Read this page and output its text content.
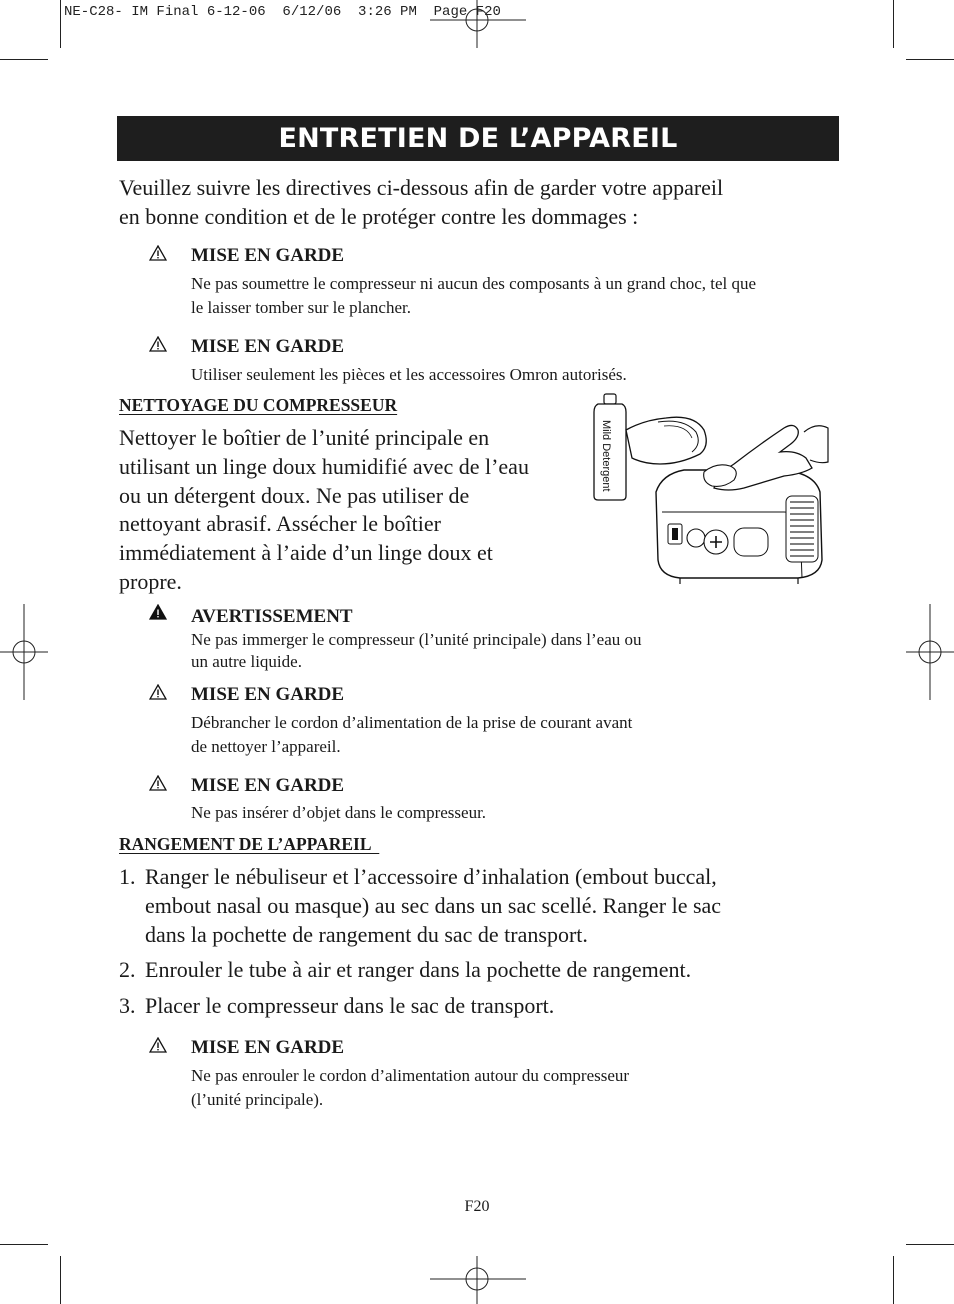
NE-C28- IM Final 6-12-06  6/12/06  3:26 PM  Page F20
ENTRETIEN DE L’APPAREIL
Veuillez suivre les directives ci-dessous afin de garder votre appareil
en bonne condition et de le protéger contre les dommages :
MISE EN GARDE
Ne pas soumettre le compresseur ni aucun des composants à un grand choc, tel que
le laisser tomber sur le plancher.
MISE EN GARDE
Utiliser seulement les pièces et les accessoires Omron autorisés.
NETTOYAGE DU COMPRESSEUR
Nettoyer le boîtier de l’unité principale en
utilisant un linge doux humidifié avec de l’eau
ou un détergent doux. Ne pas utiliser de
nettoyant abrasif. Assécher le boîtier
immédiatement à l’aide d’un linge doux et
propre.
Mild Detergent
AVERTISSEMENT
Ne pas immerger le compresseur (l’unité principale) dans l’eau ou
un autre liquide.
MISE EN GARDE
Débrancher le cordon d’alimentation de la prise de courant avant
de nettoyer l’appareil.
MISE EN GARDE
Ne pas insérer d’objet dans le compresseur.
RANGEMENT DE L’APPAREIL
1. Ranger le nébuliseur et l’accessoire d’inhalation (embout buccal,
embout nasal ou masque) au sec dans un sac scellé. Ranger le sac
dans la pochette de rangement du sac de transport.
2. Enrouler le tube à air et ranger dans la pochette de rangement.
3. Placer le compresseur dans le sac de transport.
MISE EN GARDE
Ne pas enrouler le cordon d’alimentation autour du compresseur
(l’unité principale).
F20
